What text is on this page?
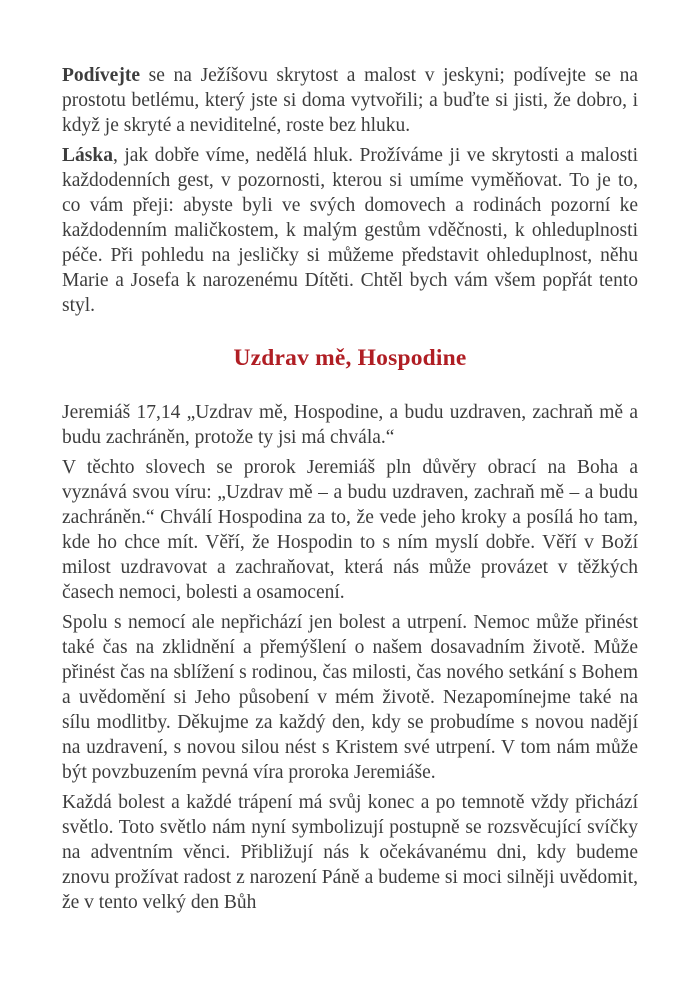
Podívejte se na Ježíšovu skrytost a malost v jeskyni; podívejte se na prostotu betlému, který jste si doma vytvořili; a buďte si jisti, že dobro, i když je skryté a neviditelné, roste bez hluku.

Láska, jak dobře víme, nedělá hluk. Prožíváme ji ve skrytosti a malosti každodenních gest, v pozornosti, kterou si umíme vyměňovat. To je to, co vám přeji: abyste byli ve svých domovech a rodinách pozorní ke každodenním maličkostem, k malým gestům vděčnosti, k ohleduplnosti péče. Při pohledu na jesličky si můžeme představit ohleduplnost, něhu Marie a Josefa k narozenému Dítěti. Chtěl bych vám všem popřát tento styl.

Uzdrav mě, Hospodine

Jeremiáš 17,14 „Uzdrav mě, Hospodine, a budu uzdraven, zachraň mě a budu zachráněn, protože ty jsi má chvála.“

V těchto slovech se prorok Jeremiáš pln důvěry obrací na Boha a vyznává svou víru: „Uzdrav mě – a budu uzdraven, zachraň mě – a budu zachráněn.“ Chválí Hospodina za to, že vede jeho kroky a posílá ho tam, kde ho chce mít. Věří, že Hospodin to s ním myslí dobře. Věří v Boží milost uzdravovat a zachraňovat, která nás může provázet v těžkých časech nemoci, bolesti a osamocení.

Spolu s nemocí ale nepřichází jen bolest a utrpení. Nemoc může přinést také čas na zklidnění a přemýšlení o našem dosavadním životě. Může přinést čas na sblížení s rodinou, čas milosti, čas nového setkání s Bohem a uvědomění si Jeho působení v mém životě. Nezapomínejme také na sílu modlitby. Děkujme za každý den, kdy se probudíme s novou nadějí na uzdravení, s novou silou nést s Kristem své utrpení. V tom nám může být povzbuzením pevná víra proroka Jeremiáše.

Každá bolest a každé trápení má svůj konec a po temnotě vždy přichází světlo. Toto světlo nám nyní symbolizují postupně se rozsvěcující svíčky na adventním věnci. Přibližují nás k očekávanému dni, kdy budeme znovu prožívat radost z narození Páně a budeme si moci silněji uvědomit, že v tento velký den Bůh
